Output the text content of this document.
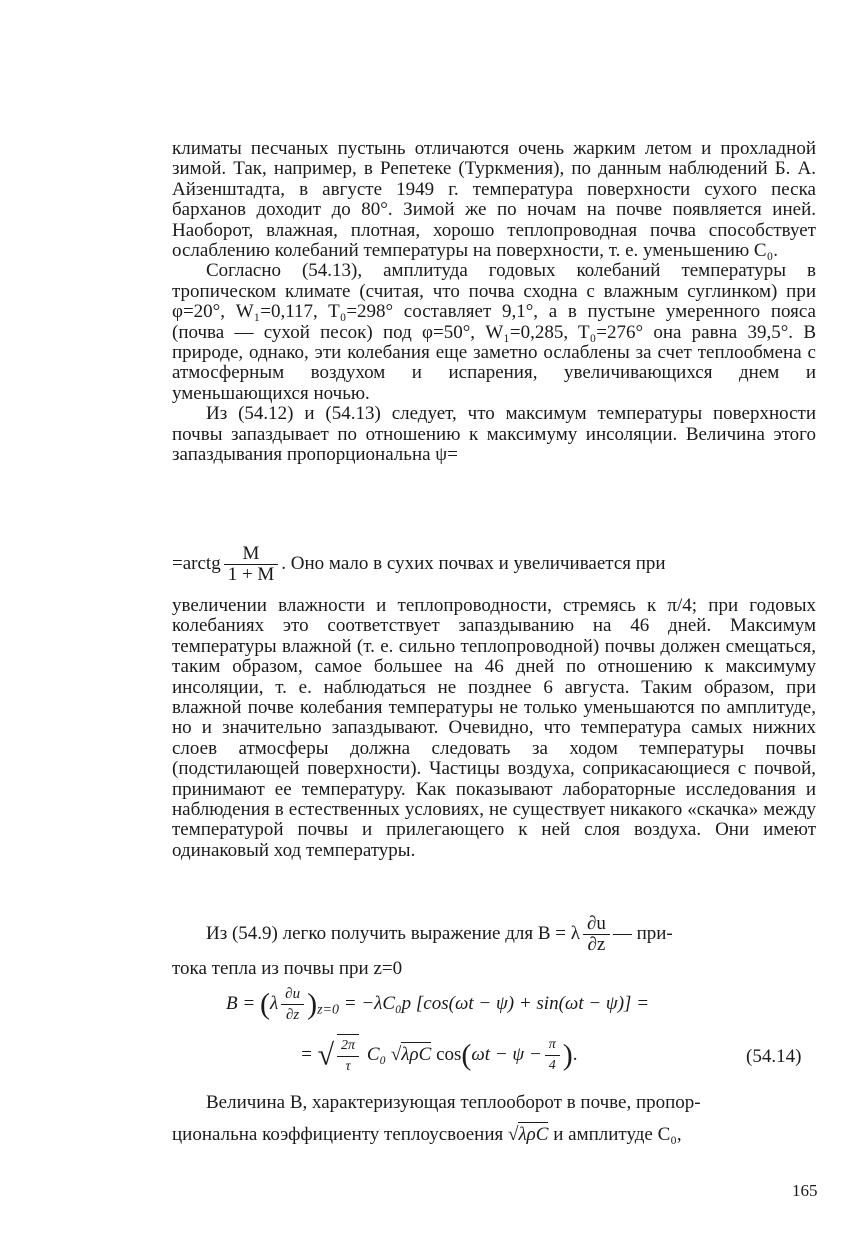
климаты песчаных пустынь отличаются очень жарким летом и прохладной зимой. Так, например, в Репетеке (Туркмения), по данным наблюдений Б. А. Айзенштадта, в августе 1949 г. температура поверхности сухого песка барханов доходит до 80°. Зимой же по ночам на почве появляется иней. Наоборот, влажная, плотная, хорошо теплопроводная почва способствует ослаблению колебаний температуры на поверхности, т. е. уменьшению C₀.

Согласно (54.13), амплитуда годовых колебаний температуры в тропическом климате (считая, что почва сходна с влажным суглинком) при φ=20°, W₁=0,117, T₀=298° составляет 9,1°, а в пустыне умеренного пояса (почва — сухой песок) под φ=50°, W₁=0,285, T₀=276° она равна 39,5°. В природе, однако, эти колебания еще заметно ослаблены за счет теплообмена с атмосферным воздухом и испарения, увеличивающихся днем и уменьшающихся ночью.

Из (54.12) и (54.13) следует, что максимум температуры поверхности почвы запаздывает по отношению к максимуму инсоляции. Величина этого запаздывания пропорциональна ψ=

=arctg $\frac{M}{1 + M}$ . Оно мало в сухих почвах и увеличивается при

увеличении влажности и теплопроводности, стремясь к π/4; при годовых колебаниях это соответствует запаздыванию на 46 дней. Максимум температуры влажной (т. е. сильно теплопроводной) почвы должен смещаться, таким образом, самое большее на 46 дней по отношению к максимуму инсоляции, т. е. наблюдаться не позднее 6 августа. Таким образом, при влажной почве колебания температуры не только уменьшаются по амплитуде, но и значительно запаздывают. Очевидно, что температура самых нижних слоев атмосферы должна следовать за ходом температуры почвы (подстилающей поверхности). Частицы воздуха, соприкасающиеся с почвой, принимают ее температуру. Как показывают лабораторные исследования и наблюдения в естественных условиях, не существует никакого «скачка» между температурой почвы и прилегающего к ней слоя воздуха. Они имеют одинаковый ход температуры.

Из (54.9) легко получить выражение для B = λ $\frac{\partial u}{\partial z}$ — при-
тока тепла из почвы при z=0
$B = (\lambda \frac{\partial u}{\partial z} )_{z=0} = -\lambda C_0p$ [cos(ωt − ψ) + sin(ωt − ψ)] =
= √ $\frac{2\pi}{\tau} C_0$ √λρC $\cos(\omega t - \psi - \frac{\pi}{4}$ ).	(54.14)
Величина B, характеризующая теплооборот в почве, пропор-
циональна коэффициенту теплоусвоения √λρC и амплитуде C₀,
165
